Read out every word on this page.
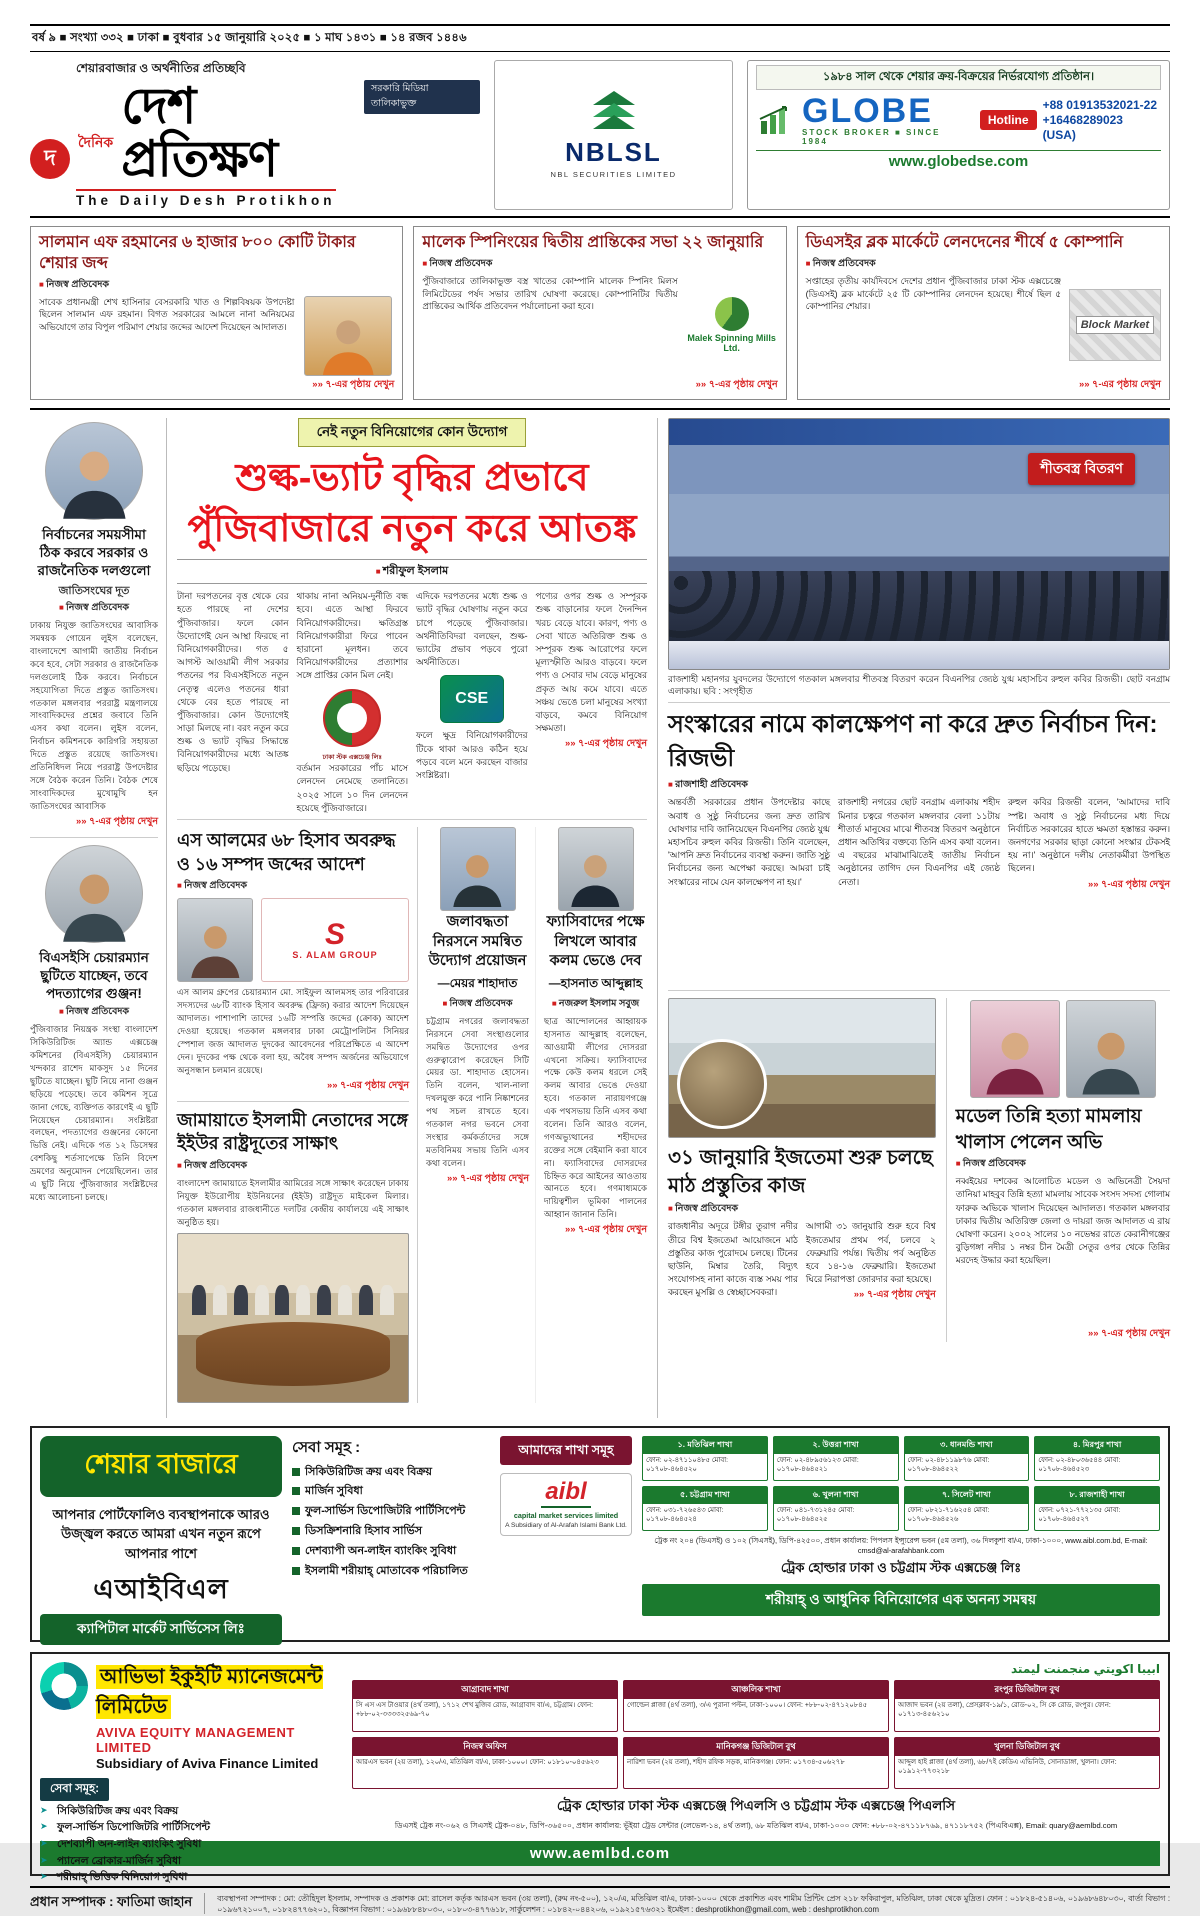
বর্ষ ৯ ■ সংখ্যা ৩৩২ ■ ঢাকা ■ বুধবার ১৫ জানুয়ারি ২০২৫ ■ ১ মাঘ ১৪৩১ ■ ১৪ রজব ১৪৪৬
শেয়ারবাজার ও অর্থনীতির প্রতিচ্ছবি
দ
দৈনিক
দেশ প্রতিক্ষণ
সরকারি মিডিয়া তালিকাভুক্ত
The Daily Desh Protikhon
NBLSL
NBL SECURITIES LIMITED
১৯৮৪ সাল থেকে শেয়ার ক্রয়-বিক্রয়ের নির্ভরযোগ্য প্রতিষ্ঠান।
GLOBE
STOCK BROKER ■ SINCE 1984
Hotline
+88 01913532021-22
+16468289023 (USA)
www.globedse.com
সালমান এফ রহমানের ৬ হাজার ৮০০ কোটি টাকার শেয়ার জব্দ
■ নিজস্ব প্রতিবেদক
সাবেক প্রধানমন্ত্রী শেখ হাসিনার বেসরকারি খাত ও শিল্পবিষয়ক উপদেষ্টা ছিলেন সালমান এফ রহমান। বিগত সরকারের আমলে নানা অনিয়মের অভিযোগে তার বিপুল পরিমাণ শেয়ার জব্দের আদেশ দিয়েছেন আদালত।
»» ৭-এর পৃষ্ঠায় দেখুন
মালেক স্পিনিংয়ের দ্বিতীয় প্রান্তিকের সভা ২২ জানুয়ারি
■ নিজস্ব প্রতিবেদক
পুঁজিবাজারে তালিকাভুক্ত বস্ত্র খাতের কোম্পানি মালেক স্পিনিং মিলস লিমিটেডের পর্ষদ সভার তারিখ ঘোষণা করেছে। কোম্পানিটির দ্বিতীয় প্রান্তিকের আর্থিক প্রতিবেদন পর্যালোচনা করা হবে।
Malek Spinning Mills Ltd.
»» ৭-এর পৃষ্ঠায় দেখুন
ডিএসইর ব্লক মার্কেটে লেনদেনের শীর্ষে ৫ কোম্পানি
■ নিজস্ব প্রতিবেদক
সপ্তাহের তৃতীয় কার্যদিবসে দেশের প্রধান পুঁজিবাজার ঢাকা স্টক এক্সচেঞ্জে (ডিএসই) ব্লক মার্কেটে ২৫ টি কোম্পানির লেনদেন হয়েছে। শীর্ষে ছিল ৫ কোম্পানির শেয়ার।
Block Market
»» ৭-এর পৃষ্ঠায় দেখুন
নির্বাচনের সময়সীমা ঠিক করবে সরকার ও রাজনৈতিক দলগুলো
জাতিসংঘের দূত
■ নিজস্ব প্রতিবেদক
ঢাকায় নিযুক্ত জাতিসংঘের আবাসিক সমন্বয়ক গোয়েন লুইস বলেছেন, বাংলাদেশে আগামী জাতীয় নির্বাচন কবে হবে, সেটা সরকার ও রাজনৈতিক দলগুলোই ঠিক করবে। নির্বাচনে সহযোগিতা দিতে প্রস্তুত জাতিসংঘ। গতকাল মঙ্গলবার পররাষ্ট্র মন্ত্রণালয়ে সাংবাদিকদের প্রশ্নের জবাবে তিনি এসব কথা বলেন। লুইস বলেন, নির্বাচন কমিশনকে কারিগরি সহায়তা দিতে প্রস্তুত রয়েছে জাতিসংঘ। প্রতিনিধিদল নিয়ে পররাষ্ট্র উপদেষ্টার সঙ্গে বৈঠক করেন তিনি। বৈঠক শেষে সাংবাদিকদের মুখোমুখি হন জাতিসংঘের আবাসিক
»» ৭-এর পৃষ্ঠায় দেখুন
বিএসইসি চেয়ারম্যান ছুটিতে যাচ্ছেন, তবে পদত্যাগের গুঞ্জন!
■ নিজস্ব প্রতিবেদক
পুঁজিবাজার নিয়ন্ত্রক সংস্থা বাংলাদেশ সিকিউরিটিজ অ্যান্ড এক্সচেঞ্জ কমিশনের (বিএসইসি) চেয়ারম্যান খন্দকার রাশেদ মাকসুদ ১৫ দিনের ছুটিতে যাচ্ছেন। ছুটি নিয়ে নানা গুঞ্জন ছড়িয়ে পড়েছে। তবে কমিশন সূত্রে জানা গেছে, ব্যক্তিগত কারণেই এ ছুটি নিয়েছেন চেয়ারম্যান। সংশ্লিষ্টরা বলছেন, পদত্যাগের গুঞ্জনের কোনো ভিত্তি নেই। এদিকে গত ১২ ডিসেম্বর বেশকিছু শর্তসাপেক্ষে তিনি বিদেশ ভ্রমণের অনুমোদন পেয়েছিলেন। তার এ ছুটি নিয়ে পুঁজিবাজার সংশ্লিষ্টদের মধ্যে আলোচনা চলছে।
নেই নতুন বিনিয়োগের কোন উদ্যোগ
শুল্ক-ভ্যাট বৃদ্ধির প্রভাবে
পুঁজিবাজারে নতুন করে আতঙ্ক
■ শরীফুল ইসলাম
টানা দরপতনের বৃত্ত থেকে বের হতে পারছে না দেশের পুঁজিবাজার। ফলে কোন উদ্যোগেই যেন আস্থা ফিরছে না বিনিয়োগকারীদের। গত ৫ আগস্ট আওয়ামী লীগ সরকার পতনের পর বিএসইসিতে নতুন নেতৃত্ব এলেও পতনের ধারা থেকে বের হতে পারছে না পুঁজিবাজার। কোন উদ্যোগেই সাড়া মিলছে না। বরং নতুন করে শুল্ক ও ভ্যাট বৃদ্ধির সিদ্ধান্তে বিনিয়োগকারীদের মধ্যে আতঙ্ক ছড়িয়ে পড়েছে।
থাকায় নানা অনিয়ম-দুর্নীতি বন্ধ হবে। এতে আস্থা ফিরবে বিনিয়োগকারীদের। ক্ষতিগ্রস্ত বিনিয়োগকারীরা ফিরে পাবেন হারানো মূলধন। তবে বিনিয়োগকারীদের প্রত্যাশার সঙ্গে প্রাপ্তির কোন মিল নেই।
ঢাকা স্টক এক্সচেঞ্জ লিঃ
বর্তমান সরকারের পাঁচ মাসে লেনদেন নেমেছে তলানিতে। ২০২৫ সালে ১০ দিন লেনদেন হয়েছে পুঁজিবাজারে।
এদিকে দরপতনের মধ্যে শুল্ক ও ভ্যাট বৃদ্ধির ঘোষণায় নতুন করে চাপে পড়েছে পুঁজিবাজার। অর্থনীতিবিদরা বলছেন, শুল্ক-ভ্যাটের প্রভাব পড়বে পুরো অর্থনীতিতে।
CSE
ফলে ক্ষুদ্র বিনিয়োগকারীদের টিকে থাকা আরও কঠিন হয়ে পড়বে বলে মনে করছেন বাজার সংশ্লিষ্টরা।
পণ্যের ওপর শুল্ক ও সম্পূরক শুল্ক বাড়ানোর ফলে দৈনন্দিন খরচ বেড়ে যাবে। কারণ, পণ্য ও সেবা খাতে অতিরিক্ত শুল্ক ও সম্পূরক শুল্ক আরোপের ফলে মূল্যস্ফীতি আরও বাড়বে। ফলে পণ্য ও সেবার দাম বেড়ে মানুষের প্রকৃত আয় কমে যাবে। এতে সঞ্চয় ভেঙে চলা মানুষের সংখ্যা বাড়বে, কমবে বিনিয়োগ সক্ষমতা।
»» ৭-এর পৃষ্ঠায় দেখুন
এস আলমের ৬৮ হিসাব অবরুদ্ধ ও ১৬ সম্পদ জব্দের আদেশ
■ নিজস্ব প্রতিবেদক
S
S. ALAM GROUP
এস আলম গ্রুপের চেয়ারম্যান মো. সাইফুল আলমসহ তার পরিবারের সদস্যদের ৬৮টি ব্যাংক হিসাব অবরুদ্ধ (ফ্রিজ) করার আদেশ দিয়েছেন আদালত। পাশাপাশি তাদের ১৬টি সম্পত্তি জব্দের (ক্রোক) আদেশ দেওয়া হয়েছে। গতকাল মঙ্গলবার ঢাকা মেট্রোপলিটন সিনিয়র স্পেশাল জজ আদালত দুদকের আবেদনের পরিপ্রেক্ষিতে এ আদেশ দেন। দুদকের পক্ষ থেকে বলা হয়, অবৈধ সম্পদ অর্জনের অভিযোগে অনুসন্ধান চলমান রয়েছে।
»» ৭-এর পৃষ্ঠায় দেখুন
জামায়াতে ইসলামী নেতাদের সঙ্গে ইইউর রাষ্ট্রদূতের সাক্ষাৎ
■ নিজস্ব প্রতিবেদক
বাংলাদেশ জামায়াতে ইসলামীর আমিরের সঙ্গে সাক্ষাৎ করেছেন ঢাকায় নিযুক্ত ইউরোপীয় ইউনিয়নের (ইইউ) রাষ্ট্রদূত মাইকেল মিলার। গতকাল মঙ্গলবার রাজধানীতে দলটির কেন্দ্রীয় কার্যালয়ে এই সাক্ষাৎ অনুষ্ঠিত হয়।
জলাবদ্ধতা নিরসনে সমন্বিত উদ্যোগ প্রয়োজন
—মেয়র শাহাদাত
■ নিজস্ব প্রতিবেদক
চট্টগ্রাম নগরের জলাবদ্ধতা নিরসনে সেবা সংস্থাগুলোর সমন্বিত উদ্যোগের ওপর গুরুত্বারোপ করেছেন সিটি মেয়র ডা. শাহাদাত হোসেন। তিনি বলেন, খাল-নালা দখলমুক্ত করে পানি নিষ্কাশনের পথ সচল রাখতে হবে। গতকাল নগর ভবনে সেবা সংস্থার কর্মকর্তাদের সঙ্গে মতবিনিময় সভায় তিনি এসব কথা বলেন।
»» ৭-এর পৃষ্ঠায় দেখুন
ফ্যাসিবাদের পক্ষে লিখলে আবার কলম ভেঙে দেব
—হাসনাত আব্দুল্লাহ
■ নজরুল ইসলাম সবুজ
ছাত্র আন্দোলনের আহ্বায়ক হাসনাত আব্দুল্লাহ বলেছেন, আওয়ামী লীগের দোসররা এখনো সক্রিয়। ফ্যাসিবাদের পক্ষে কেউ কলম ধরলে সেই কলম আবার ভেঙে দেওয়া হবে। গতকাল নারায়ণগঞ্জে এক পথসভায় তিনি এসব কথা বলেন। তিনি আরও বলেন, গণঅভ্যুত্থানের শহীদদের রক্তের সঙ্গে বেইমানি করা যাবে না। ফ্যাসিবাদের দোসরদের চিহ্নিত করে আইনের আওতায় আনতে হবে। গণমাধ্যমকে দায়িত্বশীল ভূমিকা পালনের আহ্বান জানান তিনি।
»» ৭-এর পৃষ্ঠায় দেখুন
শীতবস্ত্র বিতরণ
রাজশাহী মহানগর যুবদলের উদ্যোগে গতকাল মঙ্গলবার শীতবস্ত্র বিতরণ করেন বিএনপির জ্যেষ্ঠ যুগ্ম মহাসচিব রুহুল কবির রিজভী। ছোট বনগ্রাম এলাকায়। ছবি : সংগৃহীত
সংস্কারের নামে কালক্ষেপণ না করে দ্রুত নির্বাচন দিন: রিজভী
■ রাজশাহী প্রতিবেদক
অন্তর্বর্তী সরকারের প্রধান উপদেষ্টার কাছে অবাধ ও সুষ্ঠু নির্বাচনের জন্য দ্রুত তারিখ ঘোষণার দাবি জানিয়েছেন বিএনপির জ্যেষ্ঠ যুগ্ম মহাসচিব রুহুল কবির রিজভী। তিনি বলেছেন, 'আপনি দ্রুত নির্বাচনের ব্যবস্থা করুন। জাতি সুষ্ঠু নির্বাচনের জন্য অপেক্ষা করছে। আমরা চাই সংস্কারের নামে যেন কালক্ষেপণ না হয়।'
রাজশাহী নগরের ছোট বনগ্রাম এলাকায় শহীদ মিনার চত্বরে গতকাল মঙ্গলবার বেলা ১১টায় শীতার্ত মানুষের মাঝে শীতবস্ত্র বিতরণ অনুষ্ঠানে প্রধান অতিথির বক্তব্যে তিনি এসব কথা বলেন। এ বছরের মাঝামাঝিতেই জাতীয় নির্বাচন অনুষ্ঠানের তাগিদ দেন বিএনপির এই জ্যেষ্ঠ নেতা।
রুহুল কবির রিজভী বলেন, 'আমাদের দাবি স্পষ্ট। অবাধ ও সুষ্ঠু নির্বাচনের মধ্য দিয়ে নির্বাচিত সরকারের হাতে ক্ষমতা হস্তান্তর করুন। জনগণের সরকার ছাড়া কোনো সংস্কার টেকসই হয় না।' অনুষ্ঠানে দলীয় নেতাকর্মীরা উপস্থিত ছিলেন।
»» ৭-এর পৃষ্ঠায় দেখুন
৩১ জানুয়ারি ইজতেমা শুরু চলছে মাঠ প্রস্তুতির কাজ
■ নিজস্ব প্রতিবেদক
রাজধানীর অদূরে টঙ্গীর তুরাগ নদীর তীরে বিশ্ব ইজতেমা আয়োজনে মাঠ প্রস্তুতির কাজ পুরোদমে চলছে। টিনের ছাউনি, মিম্বার তৈরি, বিদ্যুৎ সংযোগসহ নানা কাজে ব্যস্ত সময় পার করছেন মুসল্লি ও স্বেচ্ছাসেবকরা।
আগামী ৩১ জানুয়ারি শুরু হবে বিশ্ব ইজতেমার প্রথম পর্ব, চলবে ২ ফেব্রুয়ারি পর্যন্ত। দ্বিতীয় পর্ব অনুষ্ঠিত হবে ১৪-১৬ ফেব্রুয়ারি। ইজতেমা ঘিরে নিরাপত্তা জোরদার করা হয়েছে।
»» ৭-এর পৃষ্ঠায় দেখুন
মডেল তিন্নি হত্যা মামলায় খালাস পেলেন অভি
■ নিজস্ব প্রতিবেদক
নব্বইয়ের দশকের আলোচিত মডেল ও অভিনেত্রী সৈয়দা তানিয়া মাহবুব তিন্নি হত্যা মামলায় সাবেক সংসদ সদস্য গোলাম ফারুক অভিকে খালাস দিয়েছেন আদালত। গতকাল মঙ্গলবার ঢাকার দ্বিতীয় অতিরিক্ত জেলা ও দায়রা জজ আদালত এ রায় ঘোষণা করেন। ২০০২ সালের ১০ নভেম্বর রাতে কেরানীগঞ্জের বুড়িগঙ্গা নদীর ১ নম্বর চীন মৈত্রী সেতুর ওপর থেকে তিন্নির মরদেহ উদ্ধার করা হয়েছিল।
»» ৭-এর পৃষ্ঠায় দেখুন
শেয়ার বাজারে
আপনার পোর্টফোলিও ব্যবস্থাপনাকে আরও উজ্জ্বল করতে আমরা এখন নতুন রূপে আপনার পাশে
এআইবিএল
ক্যাপিটাল মার্কেট সার্ভিসেস লিঃ
সেবা সমূহ :
সিকিউরিটিজ ক্রয় এবং বিক্রয়
মার্জিন সুবিধা
ফুল-সার্ভিস ডিপোজিটরি পার্টিসিপেন্ট
ডিসক্রিশনারি হিসাব সার্ভিস
দেশব্যাপী অন-লাইন ব্যাংকিং সুবিধা
ইসলামী শরীয়াহ্ মোতাবেক পরিচালিত
আমাদের শাখা সমূহ
aibl
capital market services limited
A Subsidiary of Al-Arafah Islami Bank Ltd.
১. মতিঝিল শাখা
ফোন: ০২-৪৭১১০৪৮৫ মোবা: ০১৭০৮-৪৬৪৫২০
২. উত্তরা শাখা
ফোন: ০২-৪৮৯৫৬১২৩ মোবা: ০১৭০৮-৪৬৪৫২১
৩. ধানমন্ডি শাখা
ফোন: ০২-৪৮১১৯৮৭৬ মোবা: ০১৭০৮-৪৬৪৫২২
৪. মিরপুর শাখা
ফোন: ০২-৪৮০৩৬৫৪৪ মোবা: ০১৭০৮-৪৬৪৫২৩
৫. চট্টগ্রাম শাখা
ফোন: ০৩১-৭২৬৫৪৩ মোবা: ০১৭০৮-৪৬৪৫২৪
৬. খুলনা শাখা
ফোন: ০৪১-৭৩১২৪৫ মোবা: ০১৭০৮-৪৬৪৫২৫
৭. সিলেট শাখা
ফোন: ০৮২১-৭১৬২৫৪ মোবা: ০১৭০৮-৪৬৪৫২৬
৮. রাজশাহী শাখা
ফোন: ০৭২১-৭৭২১৩৫ মোবা: ০১৭০৮-৪৬৪৫২৭
ট্রেক নং ২০৪ (ডিএসই) ও ১০২ (সিএসই), ডিপি-৪২৫০০, প্রধান কার্যালয়: পিপলস ইন্স্যুরেন্স ভবন (৫ম তলা), ৩৬ দিলকুশা বা/এ, ঢাকা-১০০০, www.aibl.com.bd, E-mail: cmsd@al-arafahbank.com
ট্রেক হোল্ডার ঢাকা ও চট্টগ্রাম স্টক এক্সচেঞ্জ লিঃ
শরীয়াহ্ ও আধুনিক বিনিয়োগের এক অনন্য সমন্বয়
আভিভা ইকুইটি ম্যানেজমেন্ট লিমিটেড
AVIVA EQUITY MANAGEMENT LIMITED
Subsidiary of Aviva Finance Limited
সেবা সমূহ:
➤ সিকিউরিটিজ ক্রয় এবং বিক্রয়
➤ ফুল-সার্ভিস ডিপোজিটরি পার্টিসিপেন্ট
➤ দেশব্যাপী অন-লাইন ব্যাংকিং সুবিধা
➤ প্যানেল ব্রোকার-মার্জিন সুবিধা
➤ শরীয়াহ্ ভিত্তিক বিনিয়োগ সুবিধা
ابيبا اكويتي منجمنت ليمتد
আগ্রাবাদ শাখা
সি এস এস টাওয়ার (৪র্থ তলা), ১৭১২ শেখ মুজিব রোড, আগ্রাবাদ বা/এ, চট্টগ্রাম। ফোন: +৮৮-০২-৩৩৩৩২৫৬৯-৭০
আঞ্চলিক শাখা
গোল্ডেন প্লাজা (৪র্থ তলা), ৩/এ পুরানা পল্টন, ঢাকা-১০০০। ফোন: +৮৮-০২-৪৭১২০৮৪৫
রংপুর ডিজিটাল বুথ
আজাদ ভবন (২য় তলা), প্রেসক্লাব-১৯/১, রোড-০২, সি কে রোড, রংপুর। ফোন: ০১৭১৩-৪৫৬২১০
নিজস্ব অফিস
আরএস ভবন (২য় তলা), ১২০/এ, মতিঝিল বা/এ, ঢাকা-১০০০। ফোন: ০১৮১০-০৪৫৬২৩
মানিকগঞ্জ ডিজিটাল বুথ
নারিশা ভবন (২য় তলা), শহীদ রফিক সড়ক, মানিকগঞ্জ। ফোন: ০১৭৩৪-৫০৬২৭৮
খুলনা ডিজিটাল বুথ
আব্দুল হাই প্লাজা (৪র্থ তলা), ৬৮/৭ই কেডিএ এভিনিউ, সোনাডাঙ্গা, খুলনা। ফোন: ০১৯১২-৭৭৩২১৮
ট্রেক হোল্ডার ঢাকা স্টক এক্সচেঞ্জ পিএলসি ও চট্টগ্রাম স্টক এক্সচেঞ্জ পিএলসি
ডিএসই ট্রেক নং-০৬২ ও সিএসই ট্রেক-০৪৮, ডিপি-৩৬৫০০, প্রধান কার্যালয়: ভূঁইয়া ট্রেড সেন্টার (লেভেল-১৪, ৪র্থ তলা), ৬৮ মতিঝিল বা/এ, ঢাকা-১০০০ ফোন: +৮৮-০২-৪৭১১৮৭৬৯, ৪৭১১৮৭৫২ (পিএবিএক্স), Email: quary@aemlbd.com
www.aemlbd.com
প্রধান সম্পাদক : ফাতিমা জাহান	ব্যবস্থাপনা সম্পাদক : মো: তৌহিদুল ইসলাম, সম্পাদক ও প্রকাশক মো: রাসেল কর্তৃক আরএস ভবন (৩য় তলা), (রুম নং-৫০০), ১২০/এ, মতিঝিল বা/এ, ঢাকা-১০০০ থেকে প্রকাশিত এবং শামীম প্রিন্টিং প্রেস ২১৮ ফকিরাপুল, মতিঝিল, ঢাকা থেকে মুদ্রিত। ফোন : ০১৮২৪-৫১৪০৬, ০১৯৬৮৬৪৮০৩০, বার্তা বিভাগ : ০১৯৬৭২১০০৭, ০১৮২৪৭৭৬২০১, বিজ্ঞাপন বিভাগ : ০১৯৬৮৮৪৮০৩০, ০১৮০৩-৪৭৭৬১৮, সার্কুলেশন : ০১৮৪২-০৪৪২০৬, ০১৯২১৫৭৬৩২১ ইমেইল : deshprotikhon@gmail.com, web : deshprotikhon.com
